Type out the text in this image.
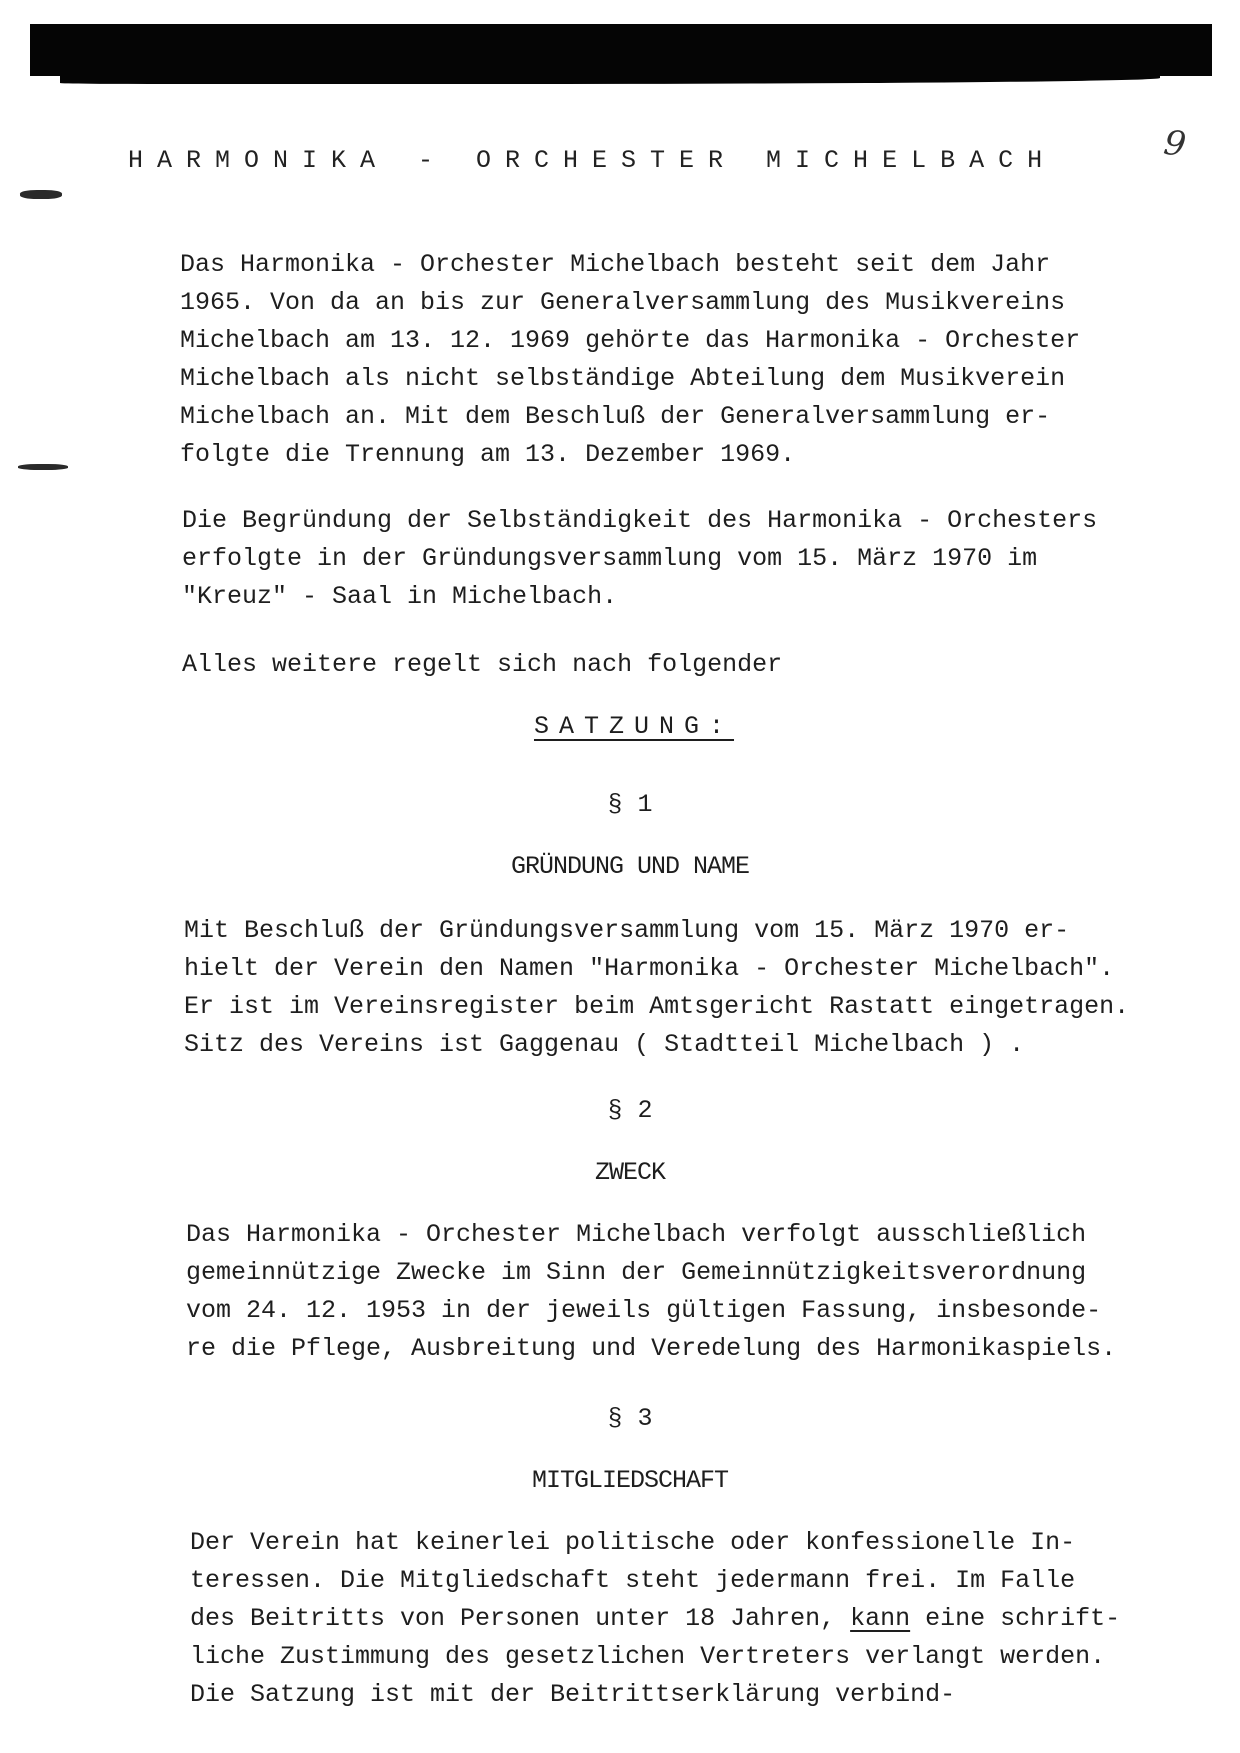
HARMONIKA - ORCHESTER MICHELBACH	9
Das Harmonika - Orchester Michelbach besteht seit dem Jahr
1965. Von da an bis zur Generalversammlung des Musikvereins
Michelbach am 13. 12. 1969 gehörte das Harmonika - Orchester
Michelbach als nicht selbständige Abteilung dem Musikverein
Michelbach an. Mit dem Beschluß der Generalversammlung er-
folgte die Trennung am 13. Dezember 1969.
Die Begründung der Selbständigkeit des Harmonika - Orchesters
erfolgte in der Gründungsversammlung vom 15. März 1970 im
"Kreuz" - Saal in Michelbach.
Alles weitere regelt sich nach folgender
SATZUNG:
§ 1
GRÜNDUNG UND NAME
Mit Beschluß der Gründungsversammlung vom 15. März 1970 er-
hielt der Verein den Namen "Harmonika - Orchester Michelbach".
Er ist im Vereinsregister beim Amtsgericht Rastatt eingetragen.
Sitz des Vereins ist Gaggenau ( Stadtteil Michelbach ) .
§ 2
ZWECK
Das Harmonika - Orchester Michelbach verfolgt ausschließlich
gemeinnützige Zwecke im Sinn der Gemeinnützigkeitsverordnung
vom 24. 12. 1953 in der jeweils gültigen Fassung, insbesonde-
re die Pflege, Ausbreitung und Veredelung des Harmonikaspiels.
§ 3
MITGLIEDSCHAFT
Der Verein hat keinerlei politische oder konfessionelle In-
teressen. Die Mitgliedschaft steht jedermann frei. Im Falle
des Beitritts von Personen unter 18 Jahren, kann eine schrift-
liche Zustimmung des gesetzlichen Vertreters verlangt werden.
Die Satzung ist mit der Beitrittserklärung verbind-
